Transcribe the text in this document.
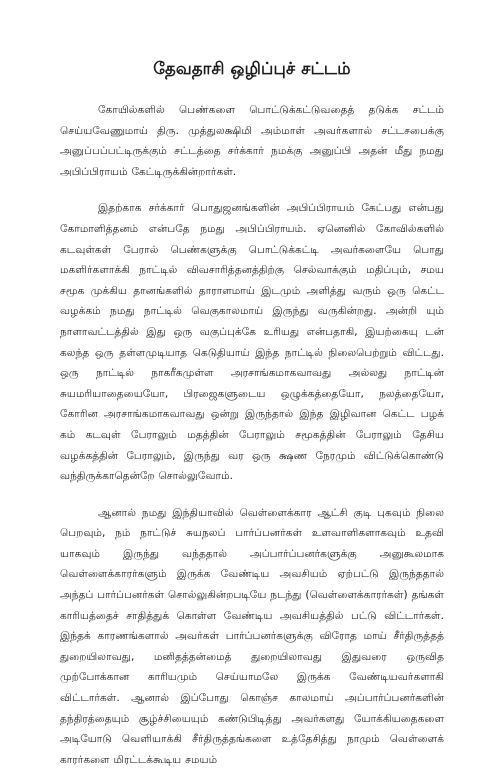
தேவதாசி ஒழிப்புச் சட்டம்

கோயில்களில் பெண்களை பொட்டுக்கட்டுவதைத் தடுக்க சட்டம் செய்யவேணுமாய் திரு. முத்துலக்ஷிமி அம்மாள் அவர்களால் சட்டசபைக்கு அனுப்பப்பட்டிருக்கும் சட்டத்தை சர்க்கார் நமக்கு அனுப்பி அதன் மீது நமது அபிப்பிராயம் கேட்டிருக்கின்றார்கள்.

இதற்காக சர்க்கார் பொதுஜனங்களின் அபிப்பிராயம் கேட்பது என்பது கோமாளித்தனம் என்பதே நமது அபிப்பிராயம். ஏனெனில் கோவில்களில் கடவுள்கள் பேரால் பெண்களுக்கு பொட்டுக்கட்டி அவர்களையே பொது மகளிர்களாக்கி நாட்டில் விவசாரித்தனத்திற்கு செல்வாக்கும் மதிப்பும், சமய சமூக முக்கிய தானங்களில் தாராளமாய் இடமும் அளித்து வரும் ஒரு கெட்ட வழக்கம் நமது நாட்டில் வெகுகாலமாய் இருந்து வருகின்றது. அன்றி யும் நாளாவட்டத்தில் இது ஒரு வகுப்புக்கே உரியது என்பதாகி, இயற்கையு டன் கலந்த ஒரு தள்ளமுடியாத கெடுதியாய் இந்த நாட்டில் நிலைபெற்றும் விட்டது. ஒரு நாட்டில் நாகரீகமுள்ள அரசாங்கமாகவாவது அல்லது நாட்டின் சுயமரியாதையையோ, பிரஜைகளுடைய ஒழுக்கத்தையோ, நலத்தையோ, கோரின அரசாங்கமாகவாவது ஒன்று இருந்தால் இந்த இழிவான கெட்ட பழக் கம் கடவுள் பேராலும் மதத்தின் பேராலும் சமூகத்தின் பேராலும் தேசிய வழக்கத்தின் பேராலும், இருந்து வர ஒரு க்ஷண நேரமும் விட்டுக்கொண்டு வந்திருக்காதென்றே சொல்லுவோம்.

ஆனால் நமது இந்தியாவில் வெள்ளைக்கார ஆட்சி குடி புகவும் நிலை பெறவும், நம் நாட்டுச் சுயநலப் பார்ப்பனர்கள் உளவாளிகளாகவும் உதவி யாகவும் இருந்து வந்ததால் அப்பார்ப்பனர்களுக்கு அனுகூலமாக வெள்ளைக்காரர்களும் இருக்க வேண்டிய அவசியம் ஏற்பட்டு இருந்ததால் அந்தப் பார்ப்பனர்கள் சொல்லுகின்றபடியே நடந்து (வெள்ளைக்காரர்கள்) தங்கள் காரியத்தைச் சாதித்துக் கொள்ள வேண்டிய அவசியத்தில் பட்டு விட்டார்கள். இந்தக் காரணங்களால் அவர்கள் பார்ப்பனர்களுக்கு விரோத மாய் சீர்திருத்தத் துறையிலாவது, மனிதத்தன்மைத் துறையிலாவது இதுவரை ஒருவித முற்போக்கான காரியமும் செய்யாமலே இருக்க வேண்டியவர்களாகி விட்டார்கள். ஆனால் இப்போது கொஞ்ச காலமாய் அப்பார்ப்பனர்களின் தந்திரத்தையும் சூழ்ச்சியையும் கண்டுபிடித்து அவர்களது யோக்கியதைகளை அடியோடு வெளியாக்கி சீர்திருத்தங்களை உத்தேசித்து நாமும் வெள்ளைக் காரர்களை மிரட்டக்கூடிய சமயம்
